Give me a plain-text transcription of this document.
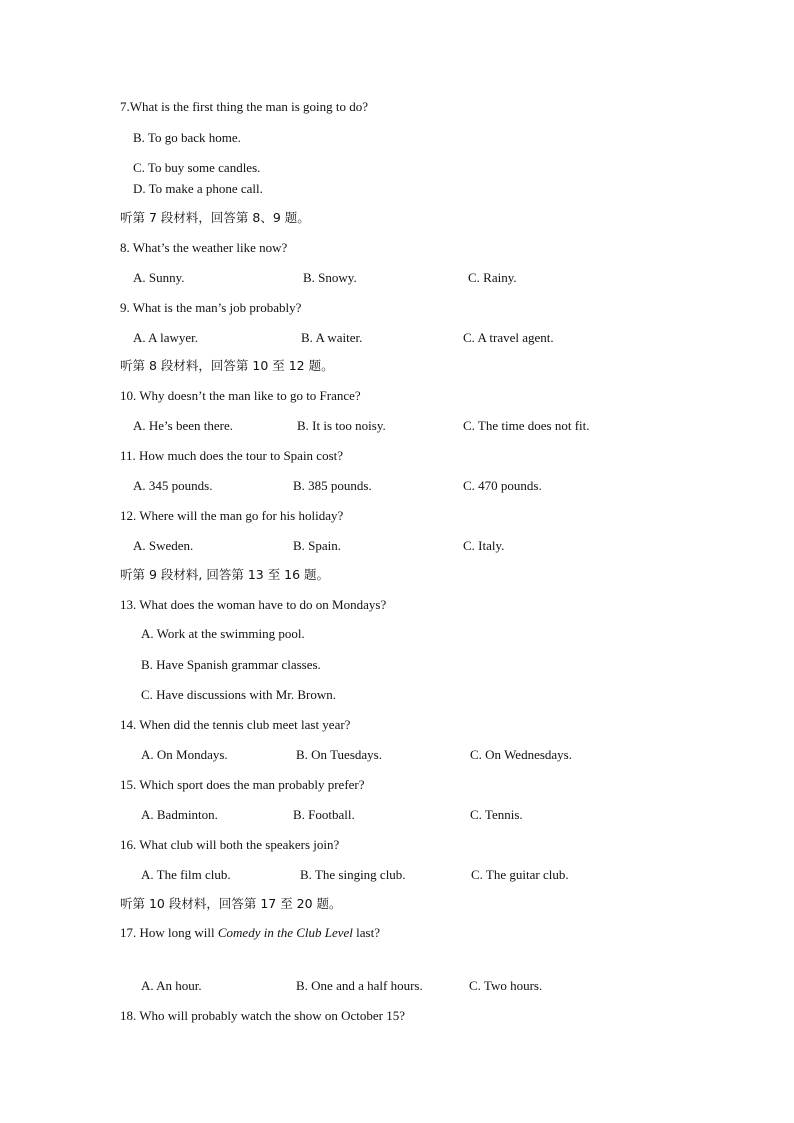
7.What is the first thing the man is going to do?
B. To go back home.
C. To buy some candles.
D. To make a phone call.
听第 7 段材料，回答第 8、9 题。
8. What’s the weather like now?
A. Sunny.	B. Snowy.	C. Rainy.
9. What is the man’s job probably?
A. A lawyer.	B. A waiter.	C. A travel agent.
听第 8 段材料，回答第 10 至 12 题。
10. Why doesn’t the man like to go to France?
A. He’s been there.	B. It is too noisy.	C. The time does not fit.
11. How much does the tour to Spain cost?
A. 345 pounds.	B. 385 pounds.	C. 470 pounds.
12. Where will the man go for his holiday?
A. Sweden.	B. Spain.	C. Italy.
听第 9 段材料, 回答第 13 至 16 题。
13. What does the woman have to do on Mondays?
A. Work at the swimming pool.
B. Have Spanish grammar classes.
C. Have discussions with Mr. Brown.
14. When did the tennis club meet last year?
A. On Mondays.	B. On Tuesdays.	C. On Wednesdays.
15. Which sport does the man probably prefer?
A. Badminton.	B. Football.	C. Tennis.
16. What club will both the speakers join?
A. The film club.	B. The singing club.	C. The guitar club.
听第 10 段材料，回答第 17 至 20 题。
17. How long will Comedy in the Club Level last?
A. An hour.	B. One and a half hours.	C. Two hours.
18. Who will probably watch the show on October 15?
